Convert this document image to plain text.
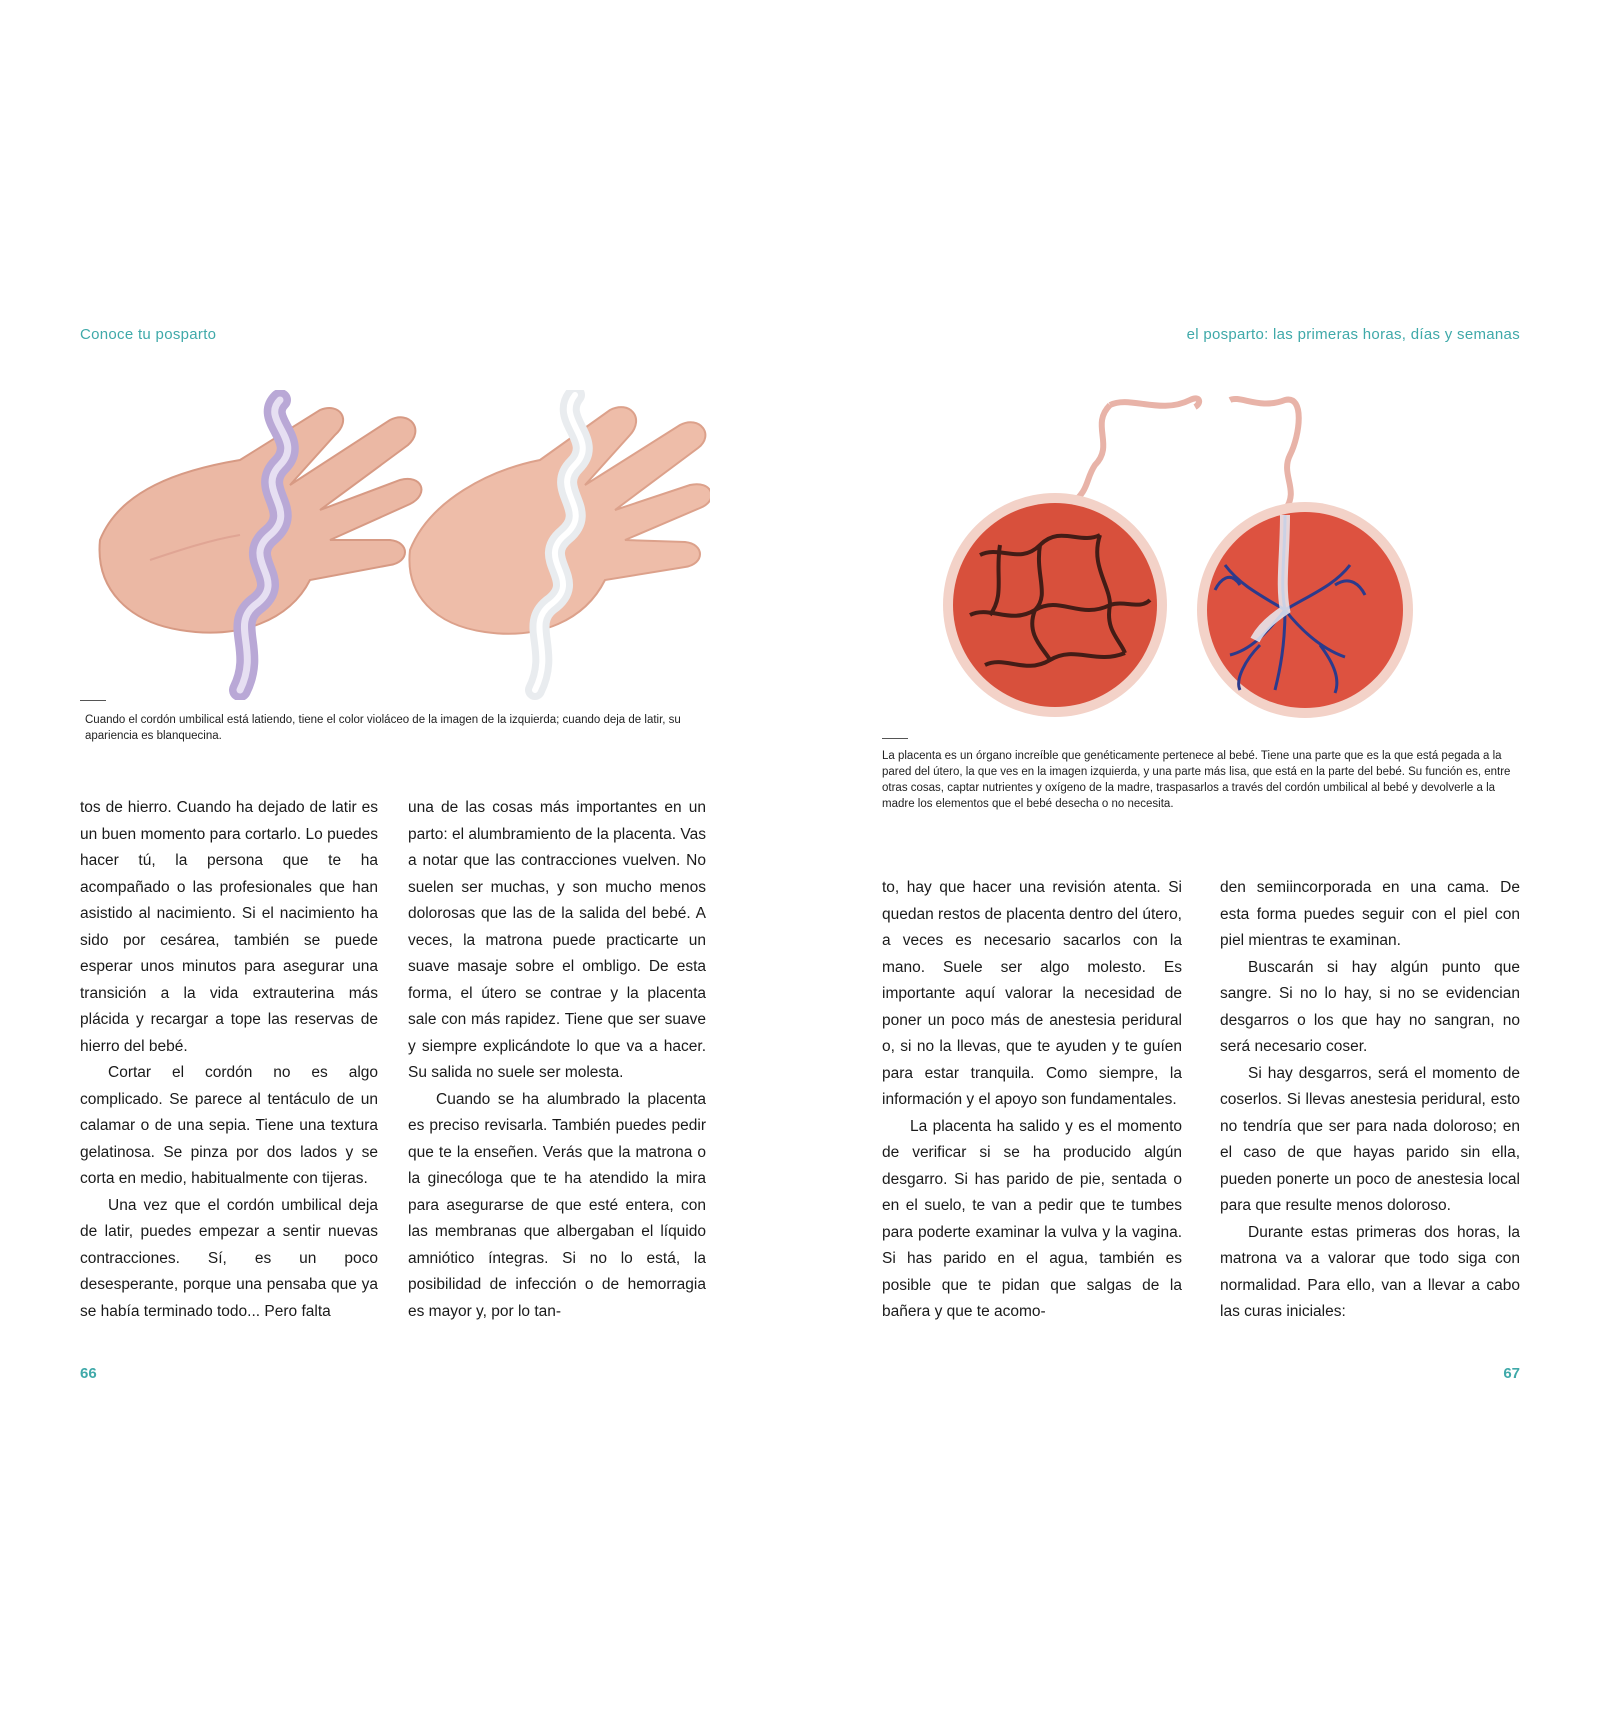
Conoce tu posparto
Cuando el cordón umbilical está latiendo, tiene el color violáceo de la imagen de la izquierda; cuando deja de latir, su apariencia es blanquecina.

tos de hierro. Cuando ha dejado de latir es un buen momento para cortarlo. Lo puedes hacer tú, la persona que te ha acompañado o las profesionales que han asistido al nacimiento. Si el nacimiento ha sido por cesárea, también se puede esperar unos minutos para asegurar una transición a la vida extrauterina más plácida y recargar a tope las reservas de hierro del bebé.

Cortar el cordón no es algo complicado. Se parece al tentáculo de un calamar o de una sepia. Tiene una textura gelatinosa. Se pinza por dos lados y se corta en medio, habitualmente con tijeras.

Una vez que el cordón umbilical deja de latir, puedes empezar a sentir nuevas contracciones. Sí, es un poco desesperante, porque una pensaba que ya se había terminado todo... Pero falta

una de las cosas más importantes en un parto: el alumbramiento de la placenta. Vas a notar que las contracciones vuelven. No suelen ser muchas, y son mucho menos dolorosas que las de la salida del bebé. A veces, la matrona puede practicarte un suave masaje sobre el ombligo. De esta forma, el útero se contrae y la placenta sale con más rapidez. Tiene que ser suave y siempre explicándote lo que va a hacer. Su salida no suele ser molesta.

Cuando se ha alumbrado la placenta es preciso revisarla. También puedes pedir que te la enseñen. Verás que la matrona o la ginecóloga que te ha atendido la mira para asegurarse de que esté entera, con las membranas que albergaban el líquido amniótico íntegras. Si no lo está, la posibilidad de infección o de hemorragia es mayor y, por lo tan-

66
el posparto: las primeras horas, días y semanas
La placenta es un órgano increíble que genéticamente pertenece al bebé. Tiene una parte que es la que está pegada a la pared del útero, la que ves en la imagen izquierda, y una parte más lisa, que está en la parte del bebé. Su función es, entre otras cosas, captar nutrientes y oxígeno de la madre, traspasarlos a través del cordón umbilical al bebé y devolverle a la madre los elementos que el bebé desecha o no necesita.

to, hay que hacer una revisión atenta. Si quedan restos de placenta dentro del útero, a veces es necesario sacarlos con la mano. Suele ser algo molesto. Es importante aquí valorar la necesidad de poner un poco más de anestesia peridural o, si no la llevas, que te ayuden y te guíen para estar tranquila. Como siempre, la información y el apoyo son fundamentales.

La placenta ha salido y es el momento de verificar si se ha producido algún desgarro. Si has parido de pie, sentada o en el suelo, te van a pedir que te tumbes para poderte examinar la vulva y la vagina. Si has parido en el agua, también es posible que te pidan que salgas de la bañera y que te acomo-

den semiincorporada en una cama. De esta forma puedes seguir con el piel con piel mientras te examinan.

Buscarán si hay algún punto que sangre. Si no lo hay, si no se evidencian desgarros o los que hay no sangran, no será necesario coser.

Si hay desgarros, será el momento de coserlos. Si llevas anestesia peridural, esto no tendría que ser para nada doloroso; en el caso de que hayas parido sin ella, pueden ponerte un poco de anestesia local para que resulte menos doloroso.

Durante estas primeras dos horas, la matrona va a valorar que todo siga con normalidad. Para ello, van a llevar a cabo las curas iniciales:

67
